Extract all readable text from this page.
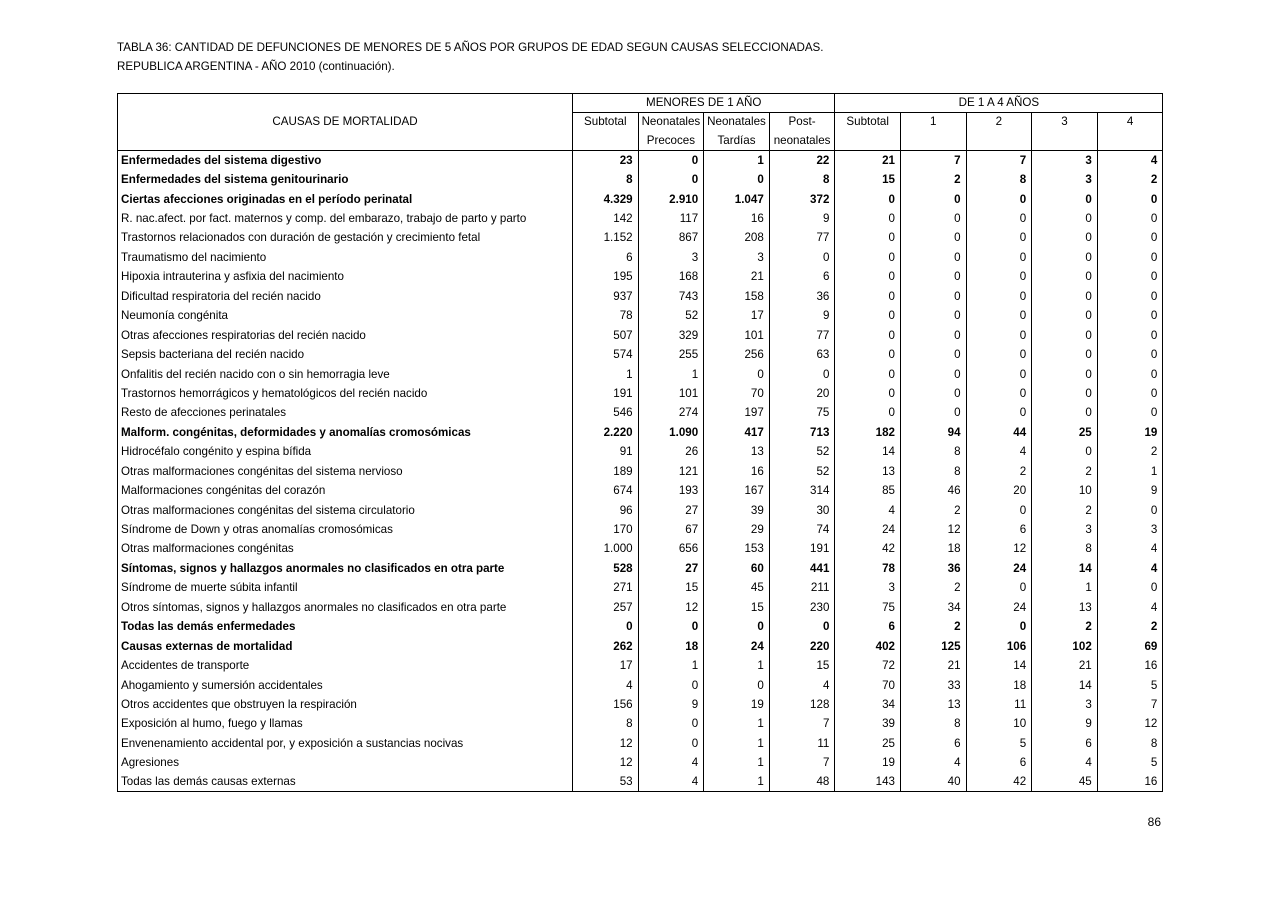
TABLA 36: CANTIDAD DE DEFUNCIONES DE MENORES DE 5 AÑOS POR GRUPOS DE EDAD SEGUN CAUSAS SELECCIONADAS.
REPUBLICA ARGENTINA - AÑO 2010 (continuación).
CAUSAS DE MORTALIDAD	MENORES DE 1 AÑO				DE 1 A 4 AÑOS				
	Subtotal	Neonatales	Neonatales	Post-	Subtotal	1	2	3	4
		Precoces	Tardías	neonatales					
Enfermedades del sistema digestivo	23	0	1	22	21	7	7	3	4
Enfermedades del sistema genitourinario	8	0	0	8	15	2	8	3	2
Ciertas afecciones originadas en el período perinatal	4.329	2.910	1.047	372	0	0	0	0	0
R. nac.afect. por fact. maternos y comp. del embarazo, trabajo de parto y parto	142	117	16	9	0	0	0	0	0
Trastornos relacionados con duración de gestación y crecimiento fetal	1.152	867	208	77	0	0	0	0	0
Traumatismo del nacimiento	6	3	3	0	0	0	0	0	0
Hipoxia intrauterina y asfixia del nacimiento	195	168	21	6	0	0	0	0	0
Dificultad respiratoria del recién nacido	937	743	158	36	0	0	0	0	0
Neumonía congénita	78	52	17	9	0	0	0	0	0
Otras afecciones respiratorias del recién nacido	507	329	101	77	0	0	0	0	0
Sepsis bacteriana del recién nacido	574	255	256	63	0	0	0	0	0
Onfalitis del recién nacido con o sin hemorragia leve	1	1	0	0	0	0	0	0	0
Trastornos hemorrágicos y hematológicos del recién nacido	191	101	70	20	0	0	0	0	0
Resto de afecciones perinatales	546	274	197	75	0	0	0	0	0
Malform. congénitas, deformidades y anomalías cromosómicas	2.220	1.090	417	713	182	94	44	25	19
Hidrocéfalo congénito y espina bífida	91	26	13	52	14	8	4	0	2
Otras malformaciones congénitas del sistema nervioso	189	121	16	52	13	8	2	2	1
Malformaciones congénitas del corazón	674	193	167	314	85	46	20	10	9
Otras malformaciones congénitas del sistema circulatorio	96	27	39	30	4	2	0	2	0
Síndrome de Down y otras anomalías cromosómicas	170	67	29	74	24	12	6	3	3
Otras malformaciones congénitas	1.000	656	153	191	42	18	12	8	4
Síntomas, signos y hallazgos anormales no clasificados en otra parte	528	27	60	441	78	36	24	14	4
Síndrome de muerte súbita infantil	271	15	45	211	3	2	0	1	0
Otros síntomas, signos y hallazgos anormales no clasificados en otra parte	257	12	15	230	75	34	24	13	4
Todas las demás enfermedades	0	0	0	0	6	2	0	2	2
Causas externas de mortalidad	262	18	24	220	402	125	106	102	69
Accidentes de transporte	17	1	1	15	72	21	14	21	16
Ahogamiento y sumersión accidentales	4	0	0	4	70	33	18	14	5
Otros accidentes que obstruyen la respiración	156	9	19	128	34	13	11	3	7
Exposición al humo, fuego y llamas	8	0	1	7	39	8	10	9	12
Envenenamiento accidental por, y exposición a sustancias nocivas	12	0	1	11	25	6	5	6	8
Agresiones	12	4	1	7	19	4	6	4	5
Todas las demás causas externas	53	4	1	48	143	40	42	45	16
86
